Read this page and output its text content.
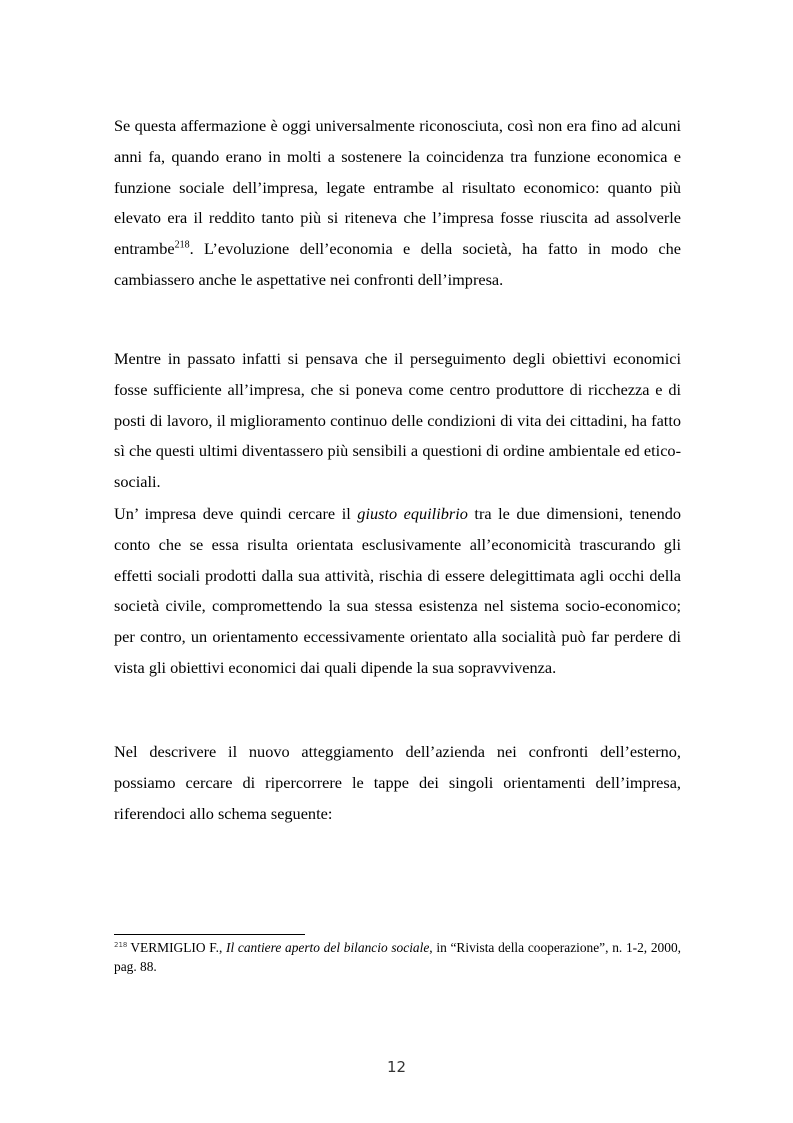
Se questa affermazione è oggi universalmente riconosciuta, così non era fino ad alcuni anni fa, quando erano in molti a sostenere la coincidenza tra funzione economica e funzione sociale dell’impresa, legate entrambe al risultato economico: quanto più elevato era il reddito tanto più si riteneva che l’impresa fosse riuscita ad assolverle entrambe$^{218}$. L’evoluzione dell’economia e della società, ha fatto in modo che cambiassero anche le aspettative nei confronti dell’impresa.

Mentre in passato infatti si pensava che il perseguimento degli obiettivi economici fosse sufficiente all’impresa, che si poneva come centro produttore di ricchezza e di posti di lavoro, il miglioramento continuo delle condizioni di vita dei cittadini, ha fatto sì che questi ultimi diventassero più sensibili a questioni di ordine ambientale ed etico-sociali.

Un’ impresa deve quindi cercare il giusto equilibrio tra le due dimensioni, tenendo conto che se essa risulta orientata esclusivamente all’economicità trascurando gli effetti sociali prodotti dalla sua attività, rischia di essere delegittimata agli occhi della società civile, compromettendo la sua stessa esistenza nel sistema socio-economico; per contro, un orientamento eccessivamente orientato alla socialità può far perdere di vista gli obiettivi economici dai quali dipende la sua sopravvivenza.

Nel descrivere il nuovo atteggiamento dell’azienda nei confronti dell’esterno, possiamo cercare di ripercorrere le tappe dei singoli orientamenti dell’impresa, riferendoci allo schema seguente:

$^{218}$ VERMIGLIO F., Il cantiere aperto del bilancio sociale, in “Rivista della cooperazione”, n. 1-2, 2000, pag. 88.

12
